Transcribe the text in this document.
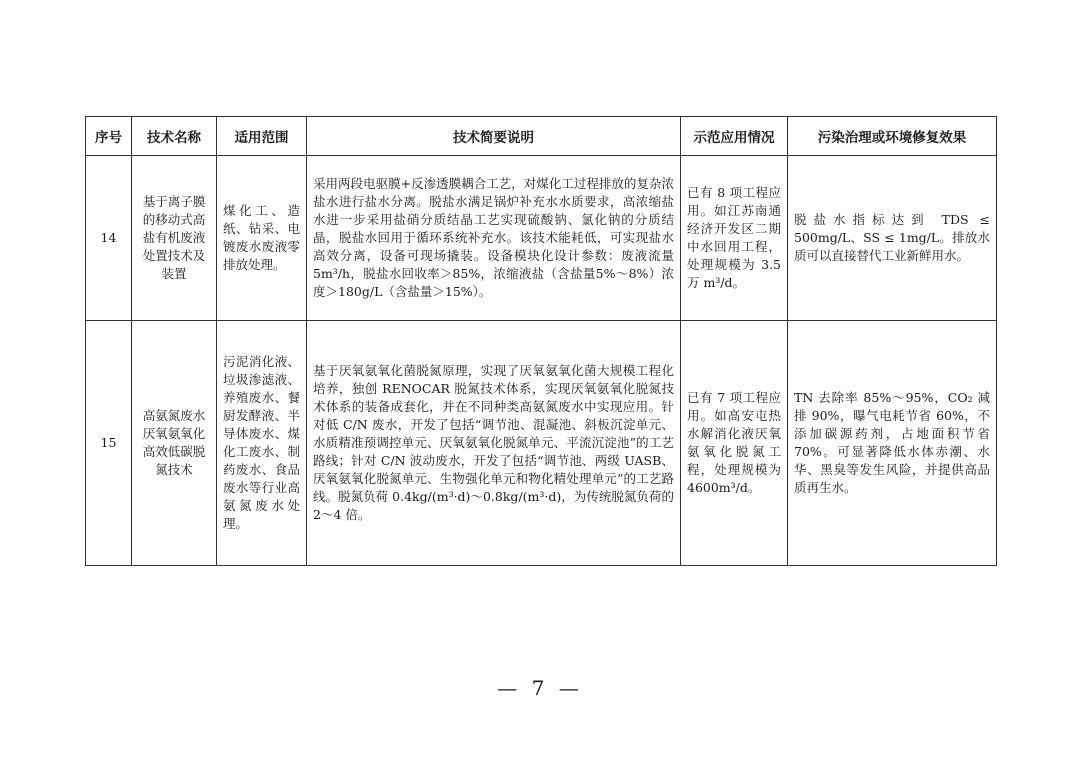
序号	技术名称	适用范围	技术简要说明	示范应用情况	污染治理或环境修复效果
14	基于离子膜的移动式高盐有机废液处置技术及装置	煤化工、造纸、钻采、电镀废水废液零排放处理。	采用两段电驱膜+反渗透膜耦合工艺，对煤化工过程排放的复杂浓盐水进行盐水分离。脱盐水满足锅炉补充水水质要求，高浓缩盐水进一步采用盐硝分质结晶工艺实现硫酸钠、氯化钠的分质结晶，脱盐水回用于循环系统补充水。该技术能耗低，可实现盐水高效分离，设备可现场撬装。设备模块化设计参数：废液流量 5m³/h，脱盐水回收率＞85%，浓缩液盐（含盐量5%～8%）浓度＞180g/L（含盐量＞15%）。	已有 8 项工程应用。如江苏南通经济开发区二期中水回用工程，处理规模为 3.5 万 m³/d。	脱盐水指标达到 TDS ≤ 500mg/L、SS ≤ 1mg/L。排放水质可以直接替代工业新鲜用水。
15	高氨氮废水厌氧氨氧化高效低碳脱氮技术	污泥消化液、垃圾渗滤液、养殖废水、餐厨发酵液、半导体废水、煤化工废水、制药废水、食品废水等行业高氨氮废水处理。	基于厌氧氨氧化菌脱氮原理，实现了厌氧氨氧化菌大规模工程化培养，独创 RENOCAR 脱氮技术体系，实现厌氧氨氧化脱氮技术体系的装备成套化，并在不同种类高氨氮废水中实现应用。针对低 C/N 废水，开发了包括“调节池、混凝池、斜板沉淀单元、水质精准预调控单元、厌氧氨氧化脱氮单元、平流沉淀池”的工艺路线；针对 C/N 波动废水，开发了包括“调节池、两级 UASB、厌氧氨氧化脱氮单元、生物强化单元和物化精处理单元”的工艺路线。脱氮负荷 0.4kg/(m³·d)～0.8kg/(m³·d)，为传统脱氮负荷的 2～4 倍。	已有 7 项工程应用。如高安屯热水解消化液厌氧氨氧化脱氮工程，处理规模为 4600m³/d。	TN 去除率 85%～95%，CO₂ 减排 90%，曝气电耗节省 60%，不添加碳源药剂，占地面积节省 70%。可显著降低水体赤潮、水华、黑臭等发生风险，并提供高品质再生水。
— 7 —
